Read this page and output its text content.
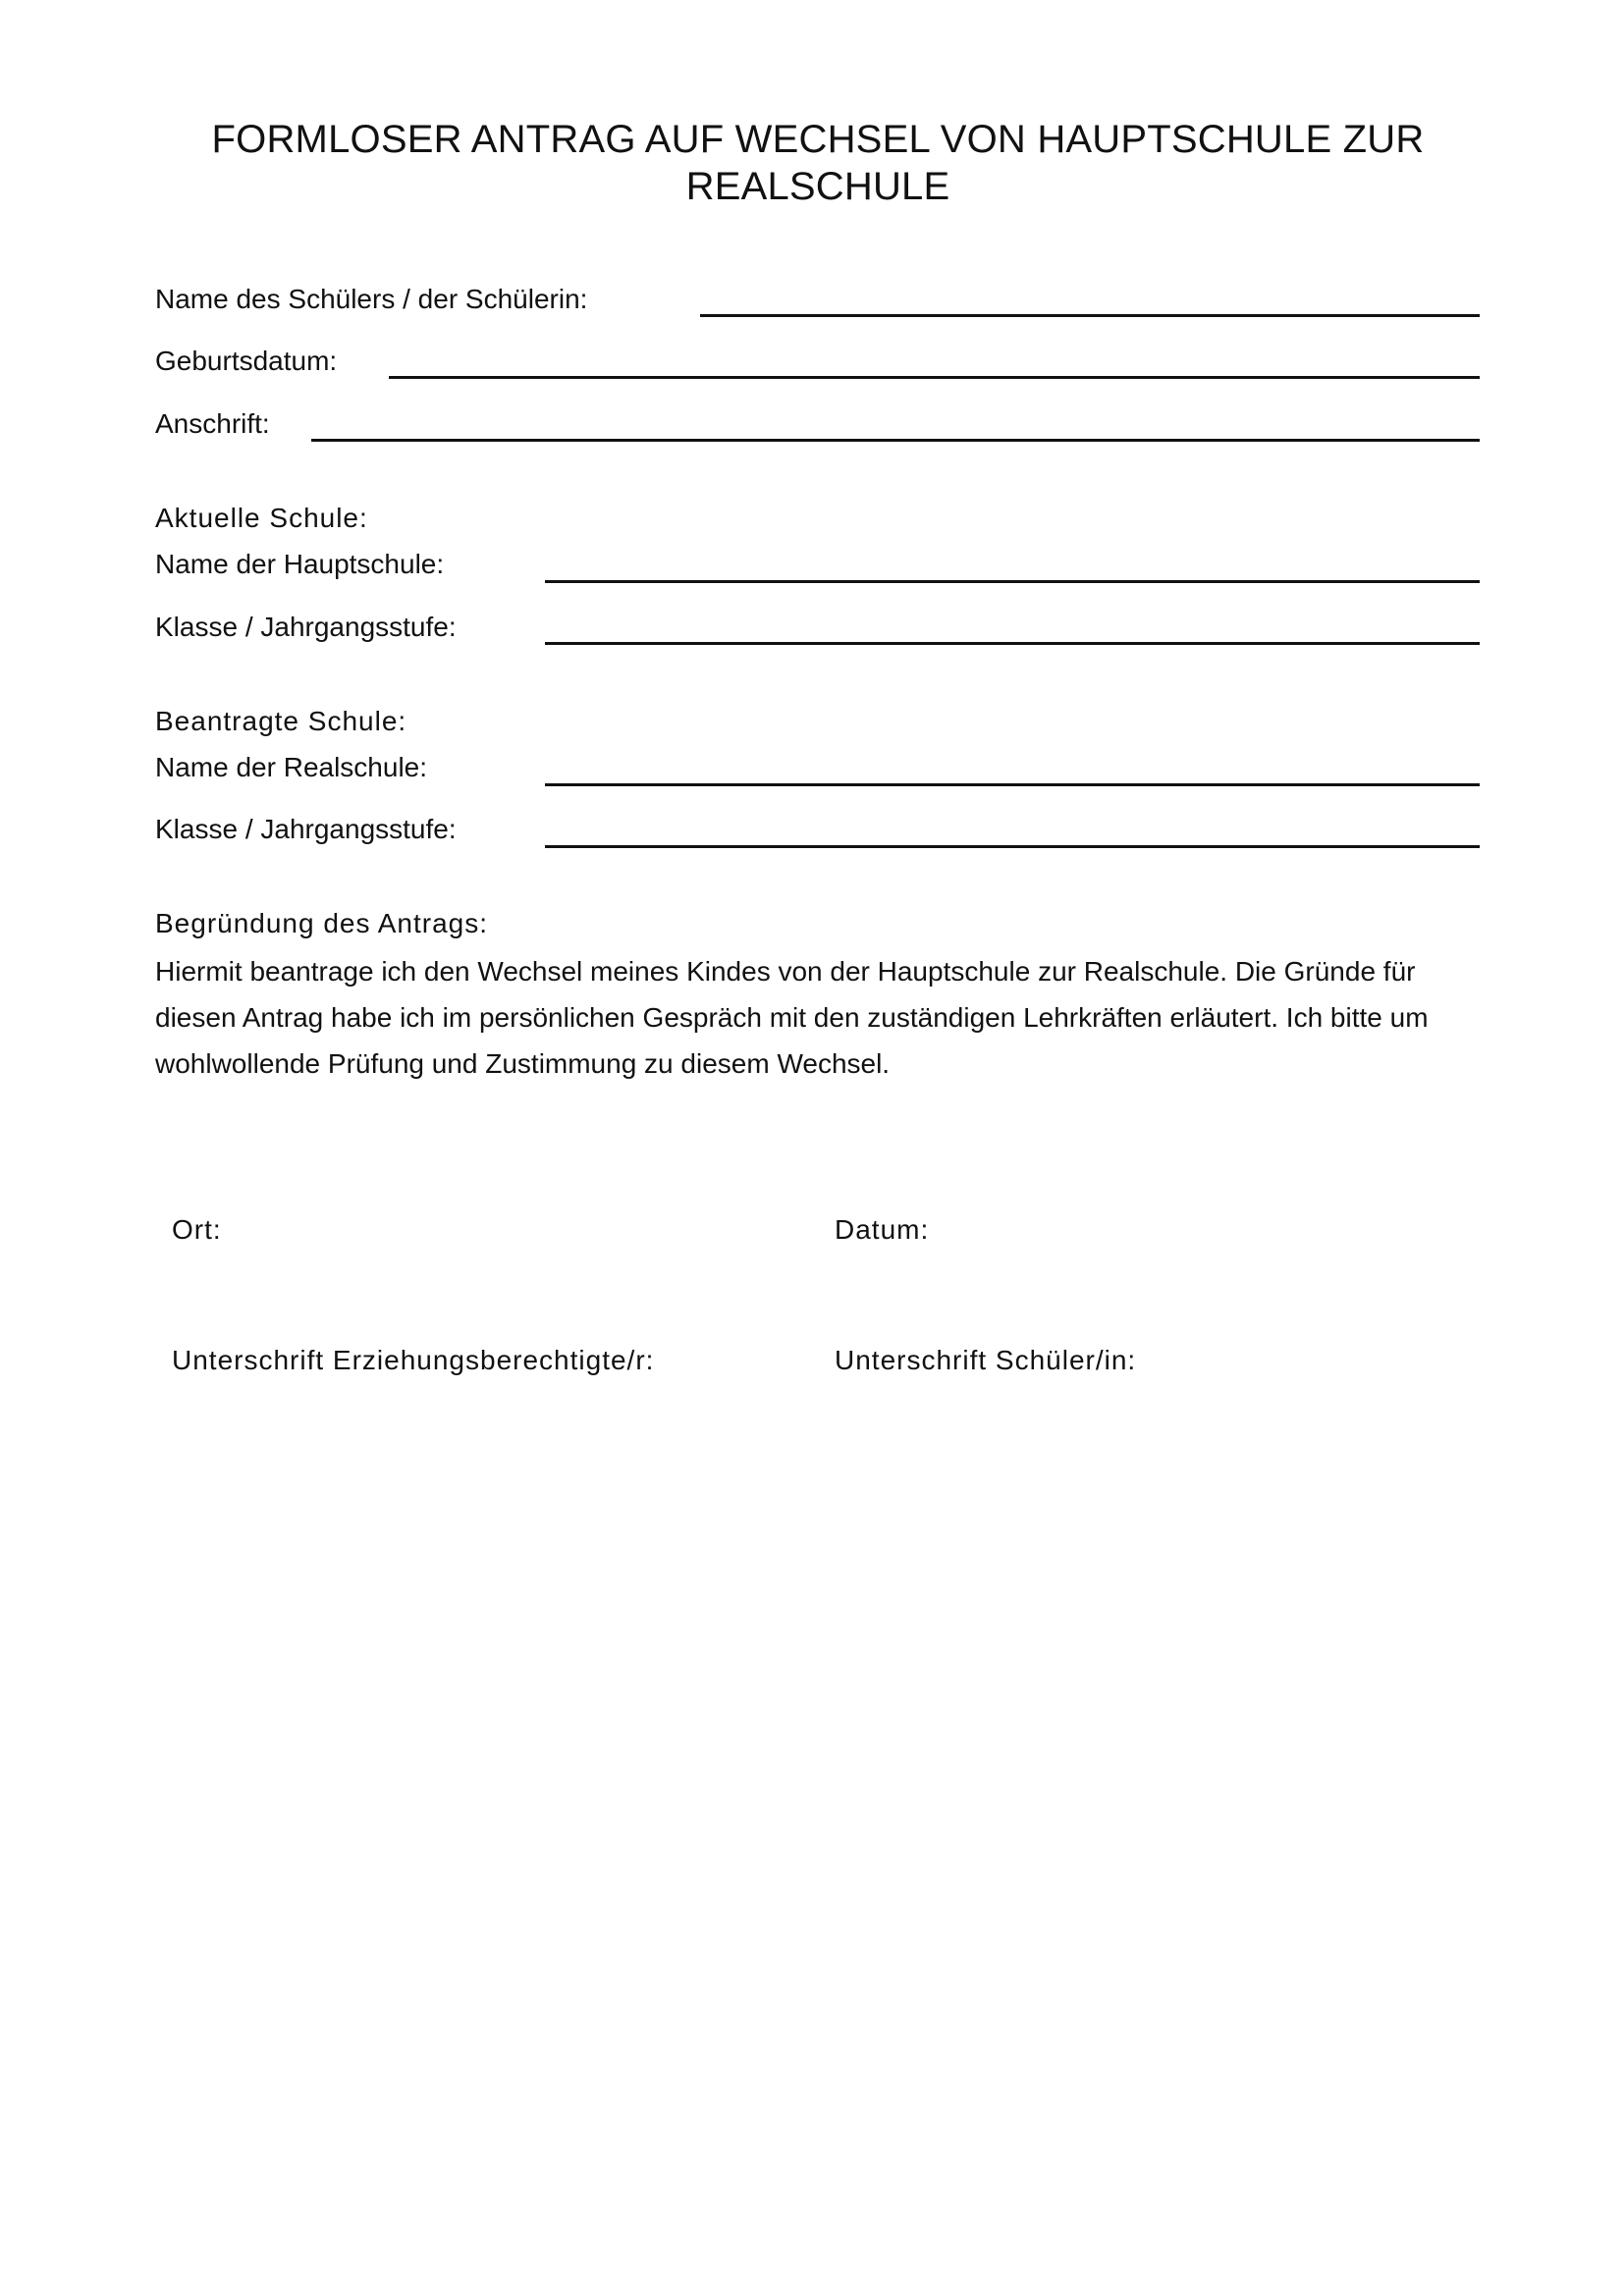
FORMLOSER ANTRAG AUF WECHSEL VON HAUPTSCHULE ZUR REALSCHULE
Name des Schülers / der Schülerin:
Geburtsdatum:
Anschrift:
Aktuelle Schule:
Name der Hauptschule:
Klasse / Jahrgangsstufe:
Beantragte Schule:
Name der Realschule:
Klasse / Jahrgangsstufe:
Begründung des Antrags:

Hiermit beantrage ich den Wechsel meines Kindes von der Hauptschule zur Realschule. Die Gründe für diesen Antrag habe ich im persönlichen Gespräch mit den zuständigen Lehrkräften erläutert. Ich bitte um wohlwollende Prüfung und Zustimmung zu diesem Wechsel.

Ort:	Datum:
Unterschrift Erziehungsberechtigte/r:	Unterschrift Schüler/in:
